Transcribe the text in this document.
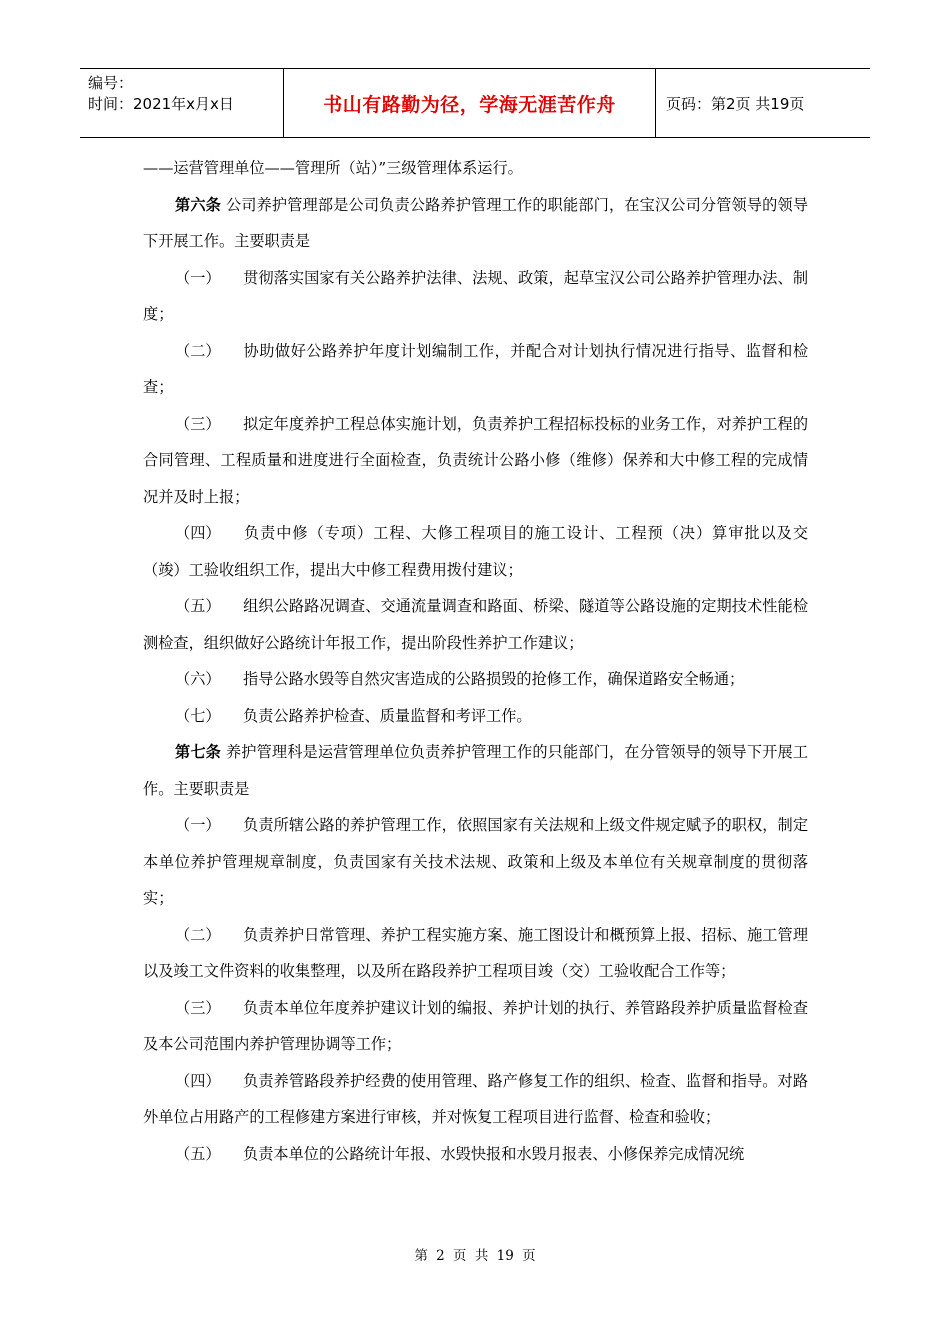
编号：
时间：2021年x月x日	书山有路勤为径，学海无涯苦作舟	页码：第2页 共19页

——运营管理单位——管理所（站）”三级管理体系运行。

第六条 公司养护管理部是公司负责公路养护管理工作的职能部门，在宝汉公司分管领导的领导下开展工作。主要职责是

（一） 贯彻落实国家有关公路养护法律、法规、政策，起草宝汉公司公路养护管理办法、制度；

（二） 协助做好公路养护年度计划编制工作，并配合对计划执行情况进行指导、监督和检查；

（三） 拟定年度养护工程总体实施计划，负责养护工程招标投标的业务工作，对养护工程的合同管理、工程质量和进度进行全面检查，负责统计公路小修（维修）保养和大中修工程的完成情况并及时上报；

（四） 负责中修（专项）工程、大修工程项目的施工设计、工程预（决）算审批以及交（竣）工验收组织工作，提出大中修工程费用拨付建议；

（五） 组织公路路况调查、交通流量调查和路面、桥梁、隧道等公路设施的定期技术性能检测检查，组织做好公路统计年报工作，提出阶段性养护工作建议；

（六） 指导公路水毁等自然灾害造成的公路损毁的抢修工作，确保道路安全畅通；

（七） 负责公路养护检查、质量监督和考评工作。

第七条 养护管理科是运营管理单位负责养护管理工作的只能部门，在分管领导的领导下开展工作。主要职责是

（一） 负责所辖公路的养护管理工作，依照国家有关法规和上级文件规定赋予的职权，制定本单位养护管理规章制度，负责国家有关技术法规、政策和上级及本单位有关规章制度的贯彻落实；

（二） 负责养护日常管理、养护工程实施方案、施工图设计和概预算上报、招标、施工管理以及竣工文件资料的收集整理，以及所在路段养护工程项目竣（交）工验收配合工作等；

（三） 负责本单位年度养护建议计划的编报、养护计划的执行、养管路段养护质量监督检查及本公司范围内养护管理协调等工作；

（四） 负责养管路段养护经费的使用管理、路产修复工作的组织、检查、监督和指导。对路外单位占用路产的工程修建方案进行审核，并对恢复工程项目进行监督、检查和验收；

（五） 负责本单位的公路统计年报、水毁快报和水毁月报表、小修保养完成情况统

第 2 页 共 19 页
